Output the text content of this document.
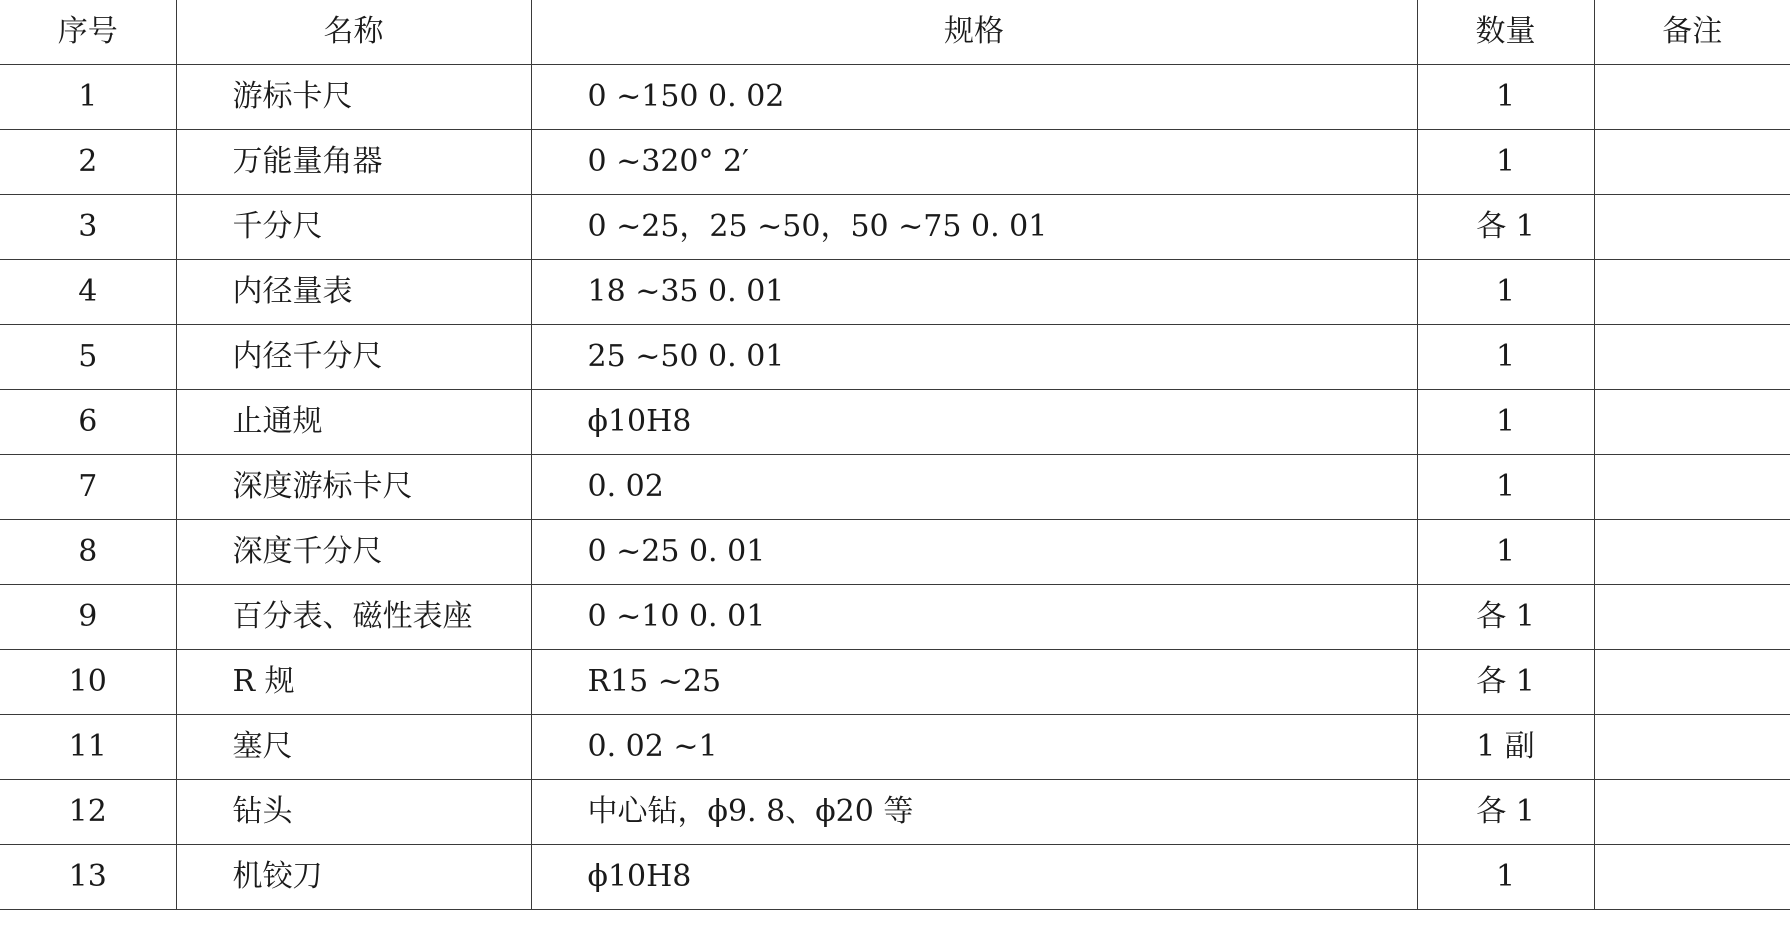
序号	名称	规格	数量	备注
1	游标卡尺	0 ~150 0. 02	1	
2	万能量角器	0 ~320° 2′	1	
3	千分尺	0 ~25，25 ~50，50 ~75 0. 01	各 1	
4	内径量表	18 ~35 0. 01	1	
5	内径千分尺	25 ~50 0. 01	1	
6	止通规	ϕ10H8	1	
7	深度游标卡尺	0. 02	1	
8	深度千分尺	0 ~25 0. 01	1	
9	百分表、磁性表座	0 ~10 0. 01	各 1	
10	R 规	R15 ~25	各 1	
11	塞尺	0. 02 ~1	1 副	
12	钻头	中心钻，ϕ9. 8、ϕ20 等	各 1	
13	机铰刀	ϕ10H8	1	
